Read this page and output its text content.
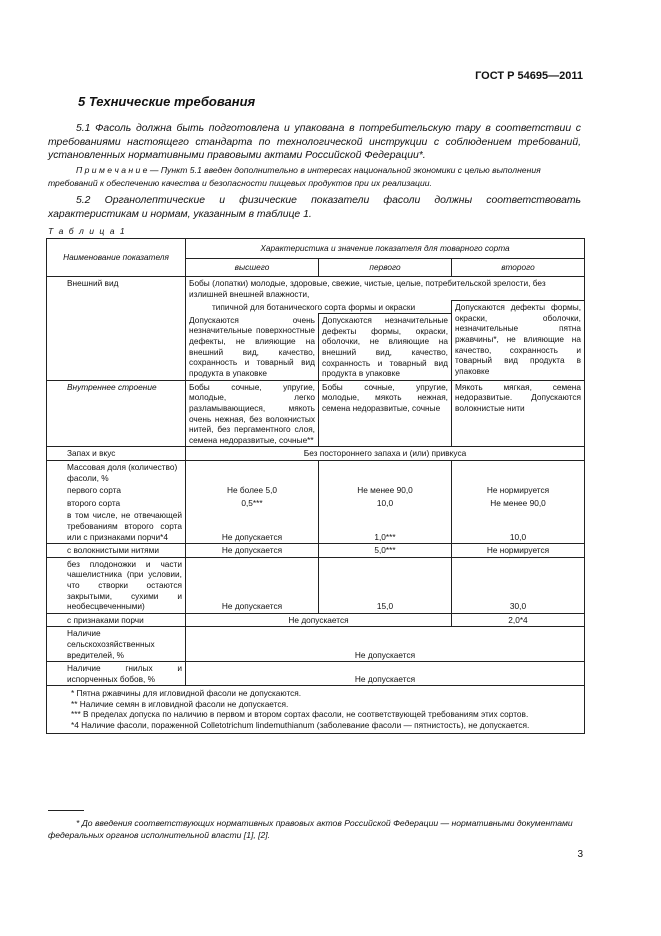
ГОСТ Р 54695—2011
5 Технические требования
5.1 Фасоль должна быть подготовлена и упакована в потребительскую тару в соответствии с требованиями настоящего стандарта по технологической инструкции с соблюдением требований, установленных нормативными правовыми актами Российской Федерации*.
П р и м е ч а н и е — Пункт 5.1 введен дополнительно в интересах национальной экономики с целью выполнения требований к обеспечению качества и безопасности пищевых продуктов при их реализации.
5.2 Органолептические и физические показатели фасоли должны соответствовать характеристикам и нормам, указанным в таблице 1.
Т а б л и ц а 1
Наименование показателя	Характеристика и значение показателя для товарного сорта		
	высшего	первого	второго
Внешний вид	Бобы (лопатки) молодые, здоровые, свежие, чистые, целые, потребительской зрелости, без излишней внешней влажности,		
	типичной для ботанического сорта формы и окраски		Допускаются дефекты формы, окраски, оболочки, незначительные пятна ржавчины*, не влияющие на качество, сохранность и товарный вид продукта в упаковке
	Допускаются очень незначительные поверхностные дефекты, не влияющие на внешний вид, качество, сохранность и товарный вид продукта в упаковке	Допускаются незначительные дефекты формы, окраски, оболочки, не влияющие на внешний вид, качество, сохранность и товарный вид продукта в упаковке	
Внутреннее строение	Бобы сочные, упругие, молодые, легко разламывающиеся, мякоть очень нежная, без волокнистых нитей, без пергаментного слоя, семена недоразвитые, сочные**	Бобы сочные, упругие, молодые, мякоть нежная, семена недоразвитые, сочные	Мякоть мягкая, семена недоразвитые. Допускаются волокнистые нити
Запах и вкус	Без постороннего запаха и (или) привкуса		
Массовая доля (количество) фасоли, %			
первого сорта	Не более 5,0	Не менее 90,0	Не нормируется
второго сорта	0,5***	10,0	Не менее 90,0
в том числе, не отвечающей требованиям второго сорта или с признаками порчи*4	Не допускается	1,0***	10,0
с волокнистыми нитями	Не допускается	5,0***	Не нормируется
без плодоножки и части чашелистника (при условии, что створки остаются закрытыми, сухими и необесцвеченными)	Не допускается	15,0	30,0
с признаками порчи	Не допускается		2,0*4
Наличие сельскохозяйственных вредителей, %	Не допускается		
Наличие гнилых и испорченных бобов, %	Не допускается		

* Пятна ржавчины для игловидной фасоли не допускаются.
** Наличие семян в игловидной фасоли не допускается.
*** В пределах допуска по наличию в первом и втором сортах фасоли, не соответствующей требованиям этих сортов.
*4 Наличие фасоли, пораженной Colletotrichum lindemuthianum (заболевание фасоли — пятнистость), не допускается.			
* До введения соответствующих нормативных правовых актов Российской Федерации — нормативными документами федеральных органов исполнительной власти [1], [2].
3
